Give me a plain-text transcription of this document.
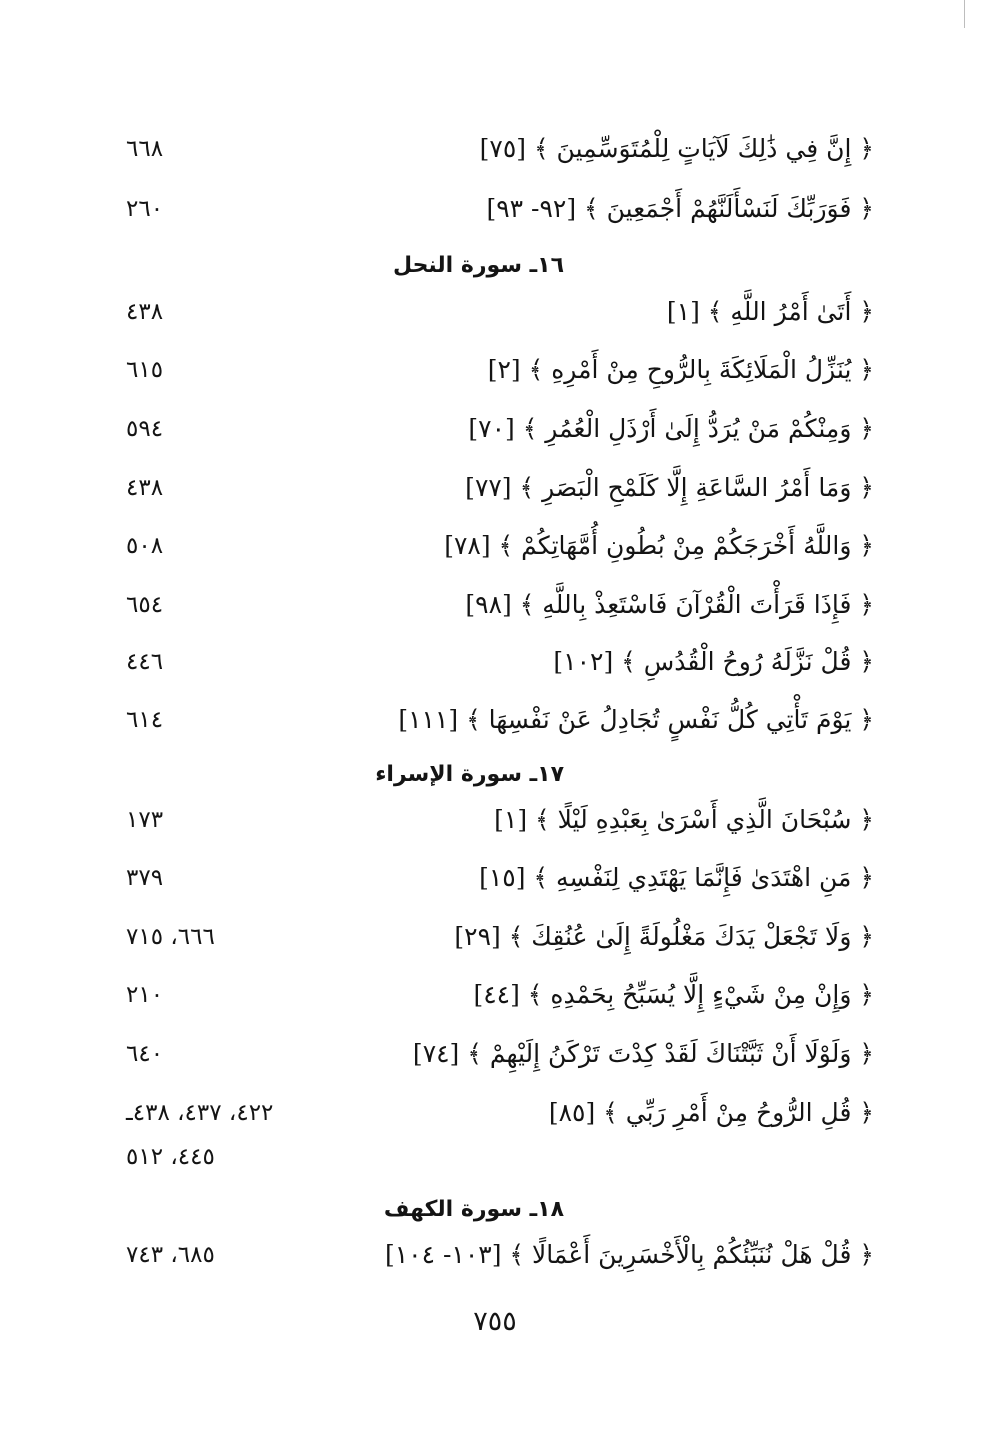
﴿ إِنَّ فِي ذَٰلِكَ لَآيَاتٍ لِلْمُتَوَسِّمِينَ ﴾ [٧٥]
٦٦٨
﴿ فَوَرَبِّكَ لَنَسْأَلَنَّهُمْ أَجْمَعِينَ ﴾ [٩٢- ٩٣]
٢٦٠
١٦ـ سورة النحل
﴿ أَتَىٰ أَمْرُ اللَّهِ ﴾ [١]
٤٣٨
﴿ يُنَزِّلُ الْمَلَائِكَةَ بِالرُّوحِ مِنْ أَمْرِهِ ﴾ [٢]
٦١٥
﴿ وَمِنْكُمْ مَنْ يُرَدُّ إِلَىٰ أَرْذَلِ الْعُمُرِ ﴾ [٧٠]
٥٩٤
﴿ وَمَا أَمْرُ السَّاعَةِ إِلَّا كَلَمْحِ الْبَصَرِ ﴾ [٧٧]
٤٣٨
﴿ وَاللَّهُ أَخْرَجَكُمْ مِنْ بُطُونِ أُمَّهَاتِكُمْ ﴾ [٧٨]
٥٠٨
﴿ فَإِذَا قَرَأْتَ الْقُرْآنَ فَاسْتَعِذْ بِاللَّهِ ﴾ [٩٨]
٦٥٤
﴿ قُلْ نَزَّلَهُ رُوحُ الْقُدُسِ ﴾ [١٠٢]
٤٤٦
﴿ يَوْمَ تَأْتِي كُلُّ نَفْسٍ تُجَادِلُ عَنْ نَفْسِهَا ﴾ [١١١]
٦١٤
١٧ـ سورة الإسراء
﴿ سُبْحَانَ الَّذِي أَسْرَىٰ بِعَبْدِهِ لَيْلًا ﴾ [١]
١٧٣
﴿ مَنِ اهْتَدَىٰ فَإِنَّمَا يَهْتَدِي لِنَفْسِهِ ﴾ [١٥]
٣٧٩
﴿ وَلَا تَجْعَلْ يَدَكَ مَغْلُولَةً إِلَىٰ عُنُقِكَ ﴾ [٢٩]
٦٦٦، ٧١٥
﴿ وَإِنْ مِنْ شَيْءٍ إِلَّا يُسَبِّحُ بِحَمْدِهِ ﴾ [٤٤]
٢١٠
﴿ وَلَوْلَا أَنْ ثَبَّتْنَاكَ لَقَدْ كِدْتَ تَرْكَنُ إِلَيْهِمْ ﴾ [٧٤]
٦٤٠
﴿ قُلِ الرُّوحُ مِنْ أَمْرِ رَبِّي ﴾ [٨٥]
٤٢٢، ٤٣٧، ٤٣٨ـ
٤٤٥، ٥١٢
١٨ـ سورة الكهف
﴿ قُلْ هَلْ نُنَبِّئُكُمْ بِالْأَخْسَرِينَ أَعْمَالًا ﴾ [١٠٣- ١٠٤]
٦٨٥، ٧٤٣
٧٥٥
